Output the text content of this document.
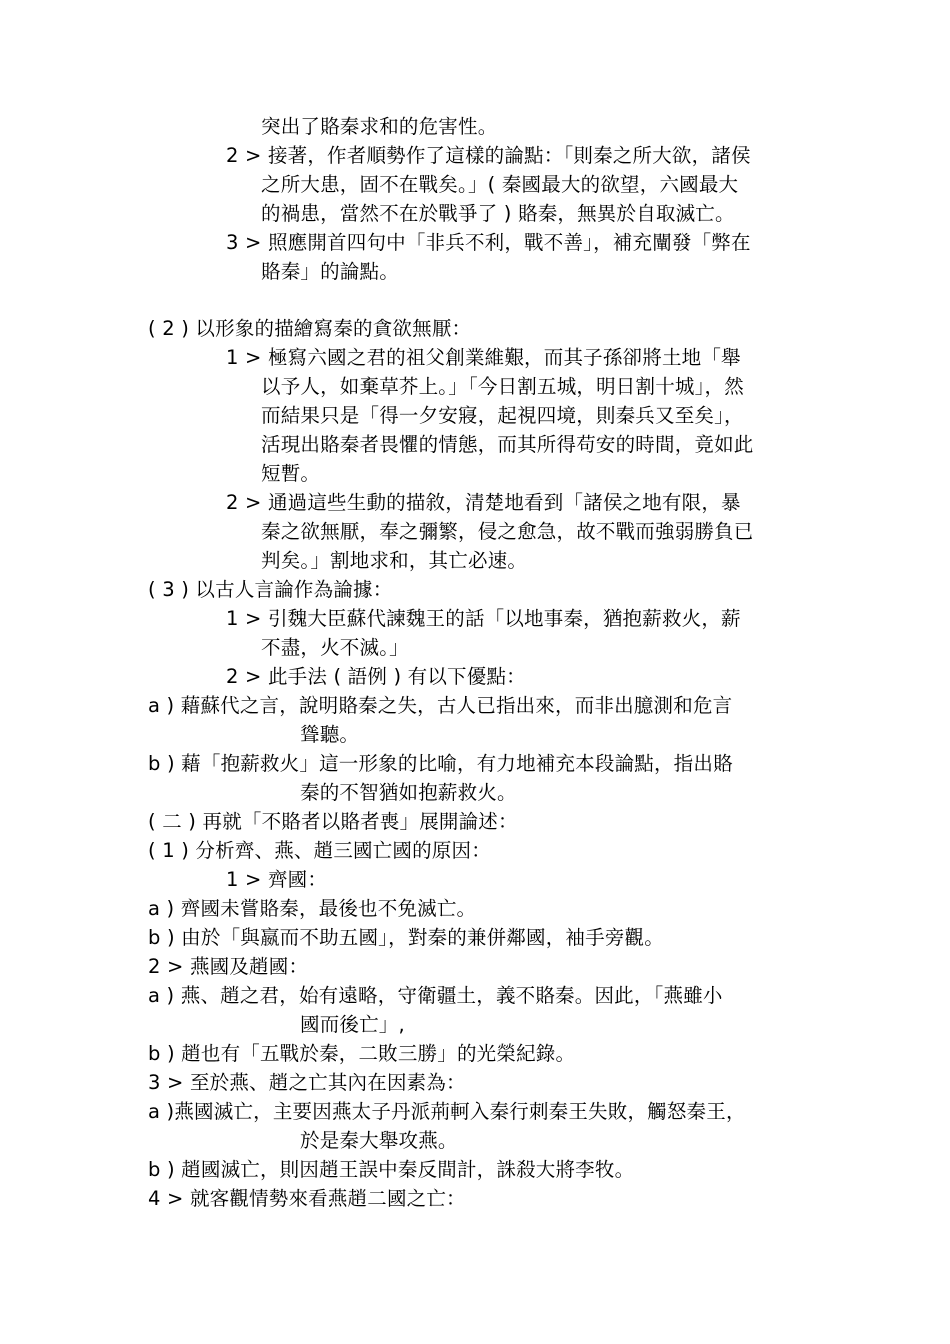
突出了賂秦求和的危害性。

2 > 接著，作者順勢作了這樣的論點：「則秦之所大欲，諸侯

之所大患，固不在戰矣。」( 秦國最大的欲望，六國最大

的禍患，當然不在於戰爭了 ) 賂秦，無異於自取滅亡。

3 > 照應開首四句中「非兵不利，戰不善」，補充闡發「弊在

賂秦」的論點。

( 2 ) 以形象的描繪寫秦的貪欲無厭：

1 > 極寫六國之君的祖父創業維艱，而其子孫卻將土地「舉

以予人，如棄草芥上。」「今日割五城，明日割十城」，然

而結果只是「得一夕安寢，起視四境，則秦兵又至矣」，

活現出賂秦者畏懼的情態，而其所得苟安的時間，竟如此

短暫。

2 > 通過這些生動的描敘，清楚地看到「諸侯之地有限，暴

秦之欲無厭，奉之彌繁，侵之愈急，故不戰而強弱勝負已

判矣。」割地求和，其亡必速。

( 3 ) 以古人言論作為論據：

1 > 引魏大臣蘇代諫魏王的話「以地事秦，猶抱薪救火，薪

不盡，火不滅。」

2 > 此手法 ( 語例 ) 有以下優點：

a ) 藉蘇代之言，說明賂秦之失，古人已指出來，而非出臆測和危言

聳聽。

b ) 藉「抱薪救火」這一形象的比喻，有力地補充本段論點，指出賂

秦的不智猶如抱薪救火。

( 二 ) 再就「不賂者以賂者喪」展開論述：

( 1 ) 分析齊、燕、趙三國亡國的原因：

1 > 齊國：

a ) 齊國未嘗賂秦，最後也不免滅亡。

b ) 由於「與嬴而不助五國」，對秦的兼併鄰國，袖手旁觀。

2 > 燕國及趙國：

a ) 燕、趙之君，始有遠略，守衛疆土，義不賂秦。因此，「燕雖小

國而後亡」,

b ) 趙也有「五戰於秦，二敗三勝」的光榮紀錄。

3 > 至於燕、趙之亡其內在因素為：

a )燕國滅亡，主要因燕太子丹派荊軻入秦行刺秦王失敗，觸怒秦王，

於是秦大舉攻燕。

b ) 趙國滅亡，則因趙王誤中秦反間計，誅殺大將李牧。

4 > 就客觀情勢來看燕趙二國之亡：
